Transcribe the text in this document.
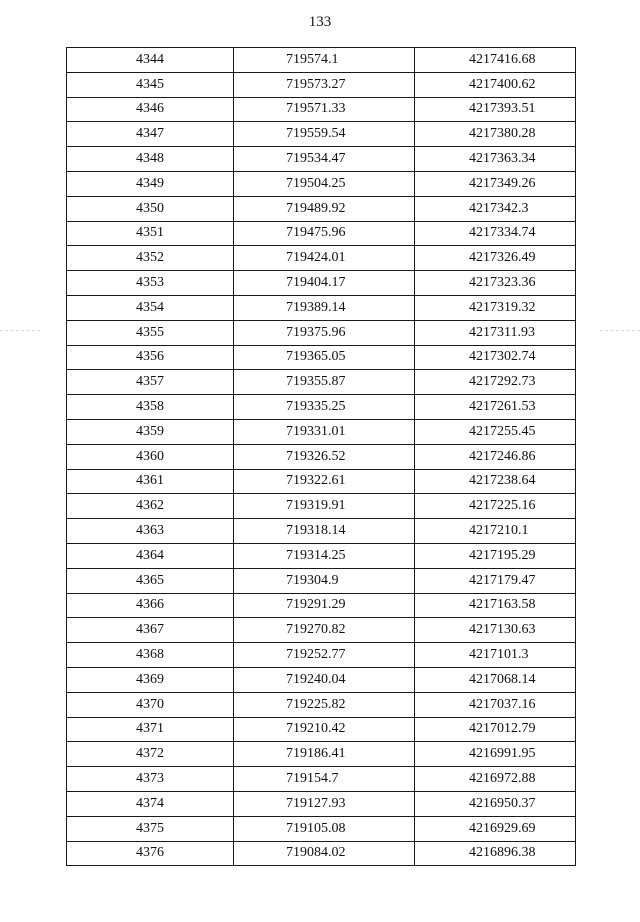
133
4344	719574.1	4217416.68
4345	719573.27	4217400.62
4346	719571.33	4217393.51
4347	719559.54	4217380.28
4348	719534.47	4217363.34
4349	719504.25	4217349.26
4350	719489.92	4217342.3
4351	719475.96	4217334.74
4352	719424.01	4217326.49
4353	719404.17	4217323.36
4354	719389.14	4217319.32
4355	719375.96	4217311.93
4356	719365.05	4217302.74
4357	719355.87	4217292.73
4358	719335.25	4217261.53
4359	719331.01	4217255.45
4360	719326.52	4217246.86
4361	719322.61	4217238.64
4362	719319.91	4217225.16
4363	719318.14	4217210.1
4364	719314.25	4217195.29
4365	719304.9	4217179.47
4366	719291.29	4217163.58
4367	719270.82	4217130.63
4368	719252.77	4217101.3
4369	719240.04	4217068.14
4370	719225.82	4217037.16
4371	719210.42	4217012.79
4372	719186.41	4216991.95
4373	719154.7	4216972.88
4374	719127.93	4216950.37
4375	719105.08	4216929.69
4376	719084.02	4216896.38
